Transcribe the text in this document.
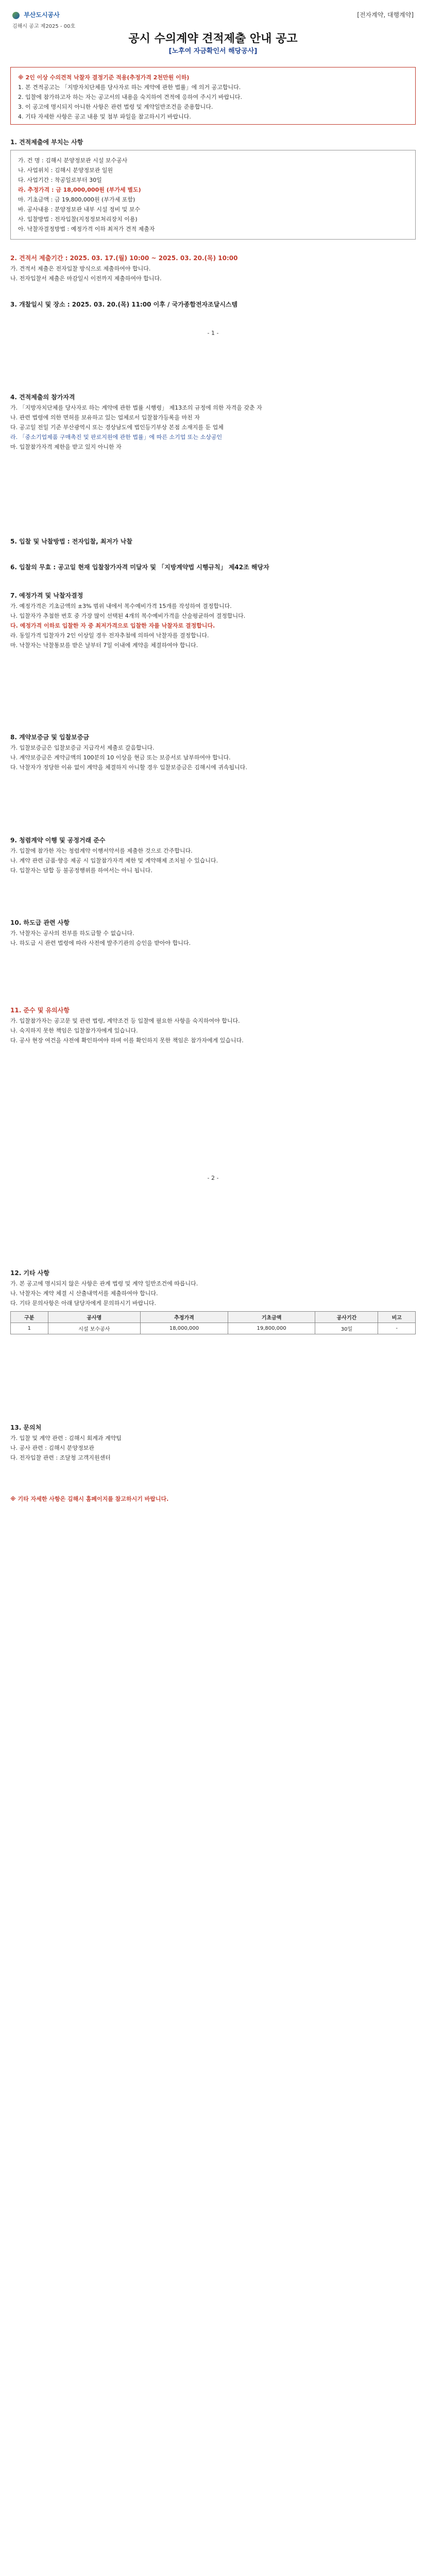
부산도시공사
김해시 공고 제2025 - 00호
[전자계약, 대행계약]
공시 수의계약 견적제출 안내 공고
[노후여 자금확인서 해당공사]
※ 2인 이상 수의견적 낙찰자 결정기준 적용(추정가격 2천만원 이하)
1. 본 견적공고는 「지방자치단체를 당사자로 하는 계약에 관한 법률」에 의거 공고합니다.
2. 입찰에 참가하고자 하는 자는 공고서의 내용을 숙지하여 견적에 응하여 주시기 바랍니다.
3. 이 공고에 명시되지 아니한 사항은 관련 법령 및 계약일반조건을 준용합니다.
4. 기타 자세한 사항은 공고 내용 및 첨부 파일을 참고하시기 바랍니다.
1. 견적제출에 부치는 사항
가. 건 명 : 김해시 분양정보관 시설 보수공사
나. 사업위치 : 김해시 분양정보관 일원
다. 사업기간 : 착공일로부터 30일
라. 추정가격 : 금 18,000,000원 (부가세 별도)
마. 기초금액 : 금 19,800,000원 (부가세 포함)
바. 공사내용 : 분양정보관 내부 시설 정비 및 보수
사. 입찰방법 : 전자입찰(지정정보처리장치 이용)
아. 낙찰자결정방법 : 예정가격 이하 최저가 견적 제출자
2. 견적서 제출기간 : 2025. 03. 17.(월) 10:00 ~ 2025. 03. 20.(목) 10:00
가. 견적서 제출은 전자입찰 방식으로 제출하여야 합니다.
나. 전자입찰서 제출은 마감일시 이전까지 제출하여야 합니다.
3. 개찰일시 및 장소 : 2025. 03. 20.(목) 11:00 이후 / 국가종합전자조달시스템
- 1 -
4. 견적제출의 참가자격
가. 「지방자치단체를 당사자로 하는 계약에 관한 법률 시행령」 제13조의 규정에 의한 자격을 갖춘 자
나. 관련 법령에 의한 면허를 보유하고 있는 업체로서 입찰참가등록을 마친 자
다. 공고일 전일 기준 부산광역시 또는 경상남도에 법인등기부상 본점 소재지를 둔 업체
라. 「중소기업제품 구매촉진 및 판로지원에 관한 법률」에 따른 소기업 또는 소상공인
마. 입찰참가자격 제한을 받고 있지 아니한 자
5. 입찰 및 낙찰방법 : 전자입찰, 최저가 낙찰
6. 입찰의 무효 : 공고일 현재 입찰참가자격 미달자 및 「지방계약법 시행규칙」 제42조 해당자
7. 예정가격 및 낙찰자결정
가. 예정가격은 기초금액의 ±3% 범위 내에서 복수예비가격 15개를 작성하여 결정합니다.
나. 입찰자가 추첨한 번호 중 가장 많이 선택된 4개의 복수예비가격을 산술평균하여 결정합니다.
다. 예정가격 이하로 입찰한 자 중 최저가격으로 입찰한 자를 낙찰자로 결정합니다.
라. 동일가격 입찰자가 2인 이상일 경우 전자추첨에 의하여 낙찰자를 결정합니다.
마. 낙찰자는 낙찰통보를 받은 날부터 7일 이내에 계약을 체결하여야 합니다.
8. 계약보증금 및 입찰보증금
가. 입찰보증금은 입찰보증금 지급각서 제출로 갈음합니다.
나. 계약보증금은 계약금액의 100분의 10 이상을 현금 또는 보증서로 납부하여야 합니다.
다. 낙찰자가 정당한 이유 없이 계약을 체결하지 아니할 경우 입찰보증금은 김해시에 귀속됩니다.
9. 청렴계약 이행 및 공정거래 준수
가. 입찰에 참가한 자는 청렴계약 이행서약서를 제출한 것으로 간주합니다.
나. 계약 관련 금품·향응 제공 시 입찰참가자격 제한 및 계약해제 조치될 수 있습니다.
다. 입찰자는 담합 등 불공정행위를 하여서는 아니 됩니다.
10. 하도급 관련 사항
가. 낙찰자는 공사의 전부를 하도급할 수 없습니다.
나. 하도급 시 관련 법령에 따라 사전에 발주기관의 승인을 받아야 합니다.
11. 준수 및 유의사항
가. 입찰참가자는 공고문 및 관련 법령, 계약조건 등 입찰에 필요한 사항을 숙지하여야 합니다.
나. 숙지하지 못한 책임은 입찰참가자에게 있습니다.
다. 공사 현장 여건을 사전에 확인하여야 하며 이를 확인하지 못한 책임은 참가자에게 있습니다.
- 2 -
12. 기타 사항
가. 본 공고에 명시되지 않은 사항은 관계 법령 및 계약 일반조건에 따릅니다.
나. 낙찰자는 계약 체결 시 산출내역서를 제출하여야 합니다.
다. 기타 문의사항은 아래 담당자에게 문의하시기 바랍니다.
구분	공사명	추정가격	기초금액	공사기간	비고
1	시설 보수공사	18,000,000	19,800,000	30일	-
13. 문의처
가. 입찰 및 계약 관련 : 김해시 회계과 계약팀
나. 공사 관련 : 김해시 분양정보관
다. 전자입찰 관련 : 조달청 고객지원센터
※ 기타 자세한 사항은 김해시 홈페이지를 참고하시기 바랍니다.
